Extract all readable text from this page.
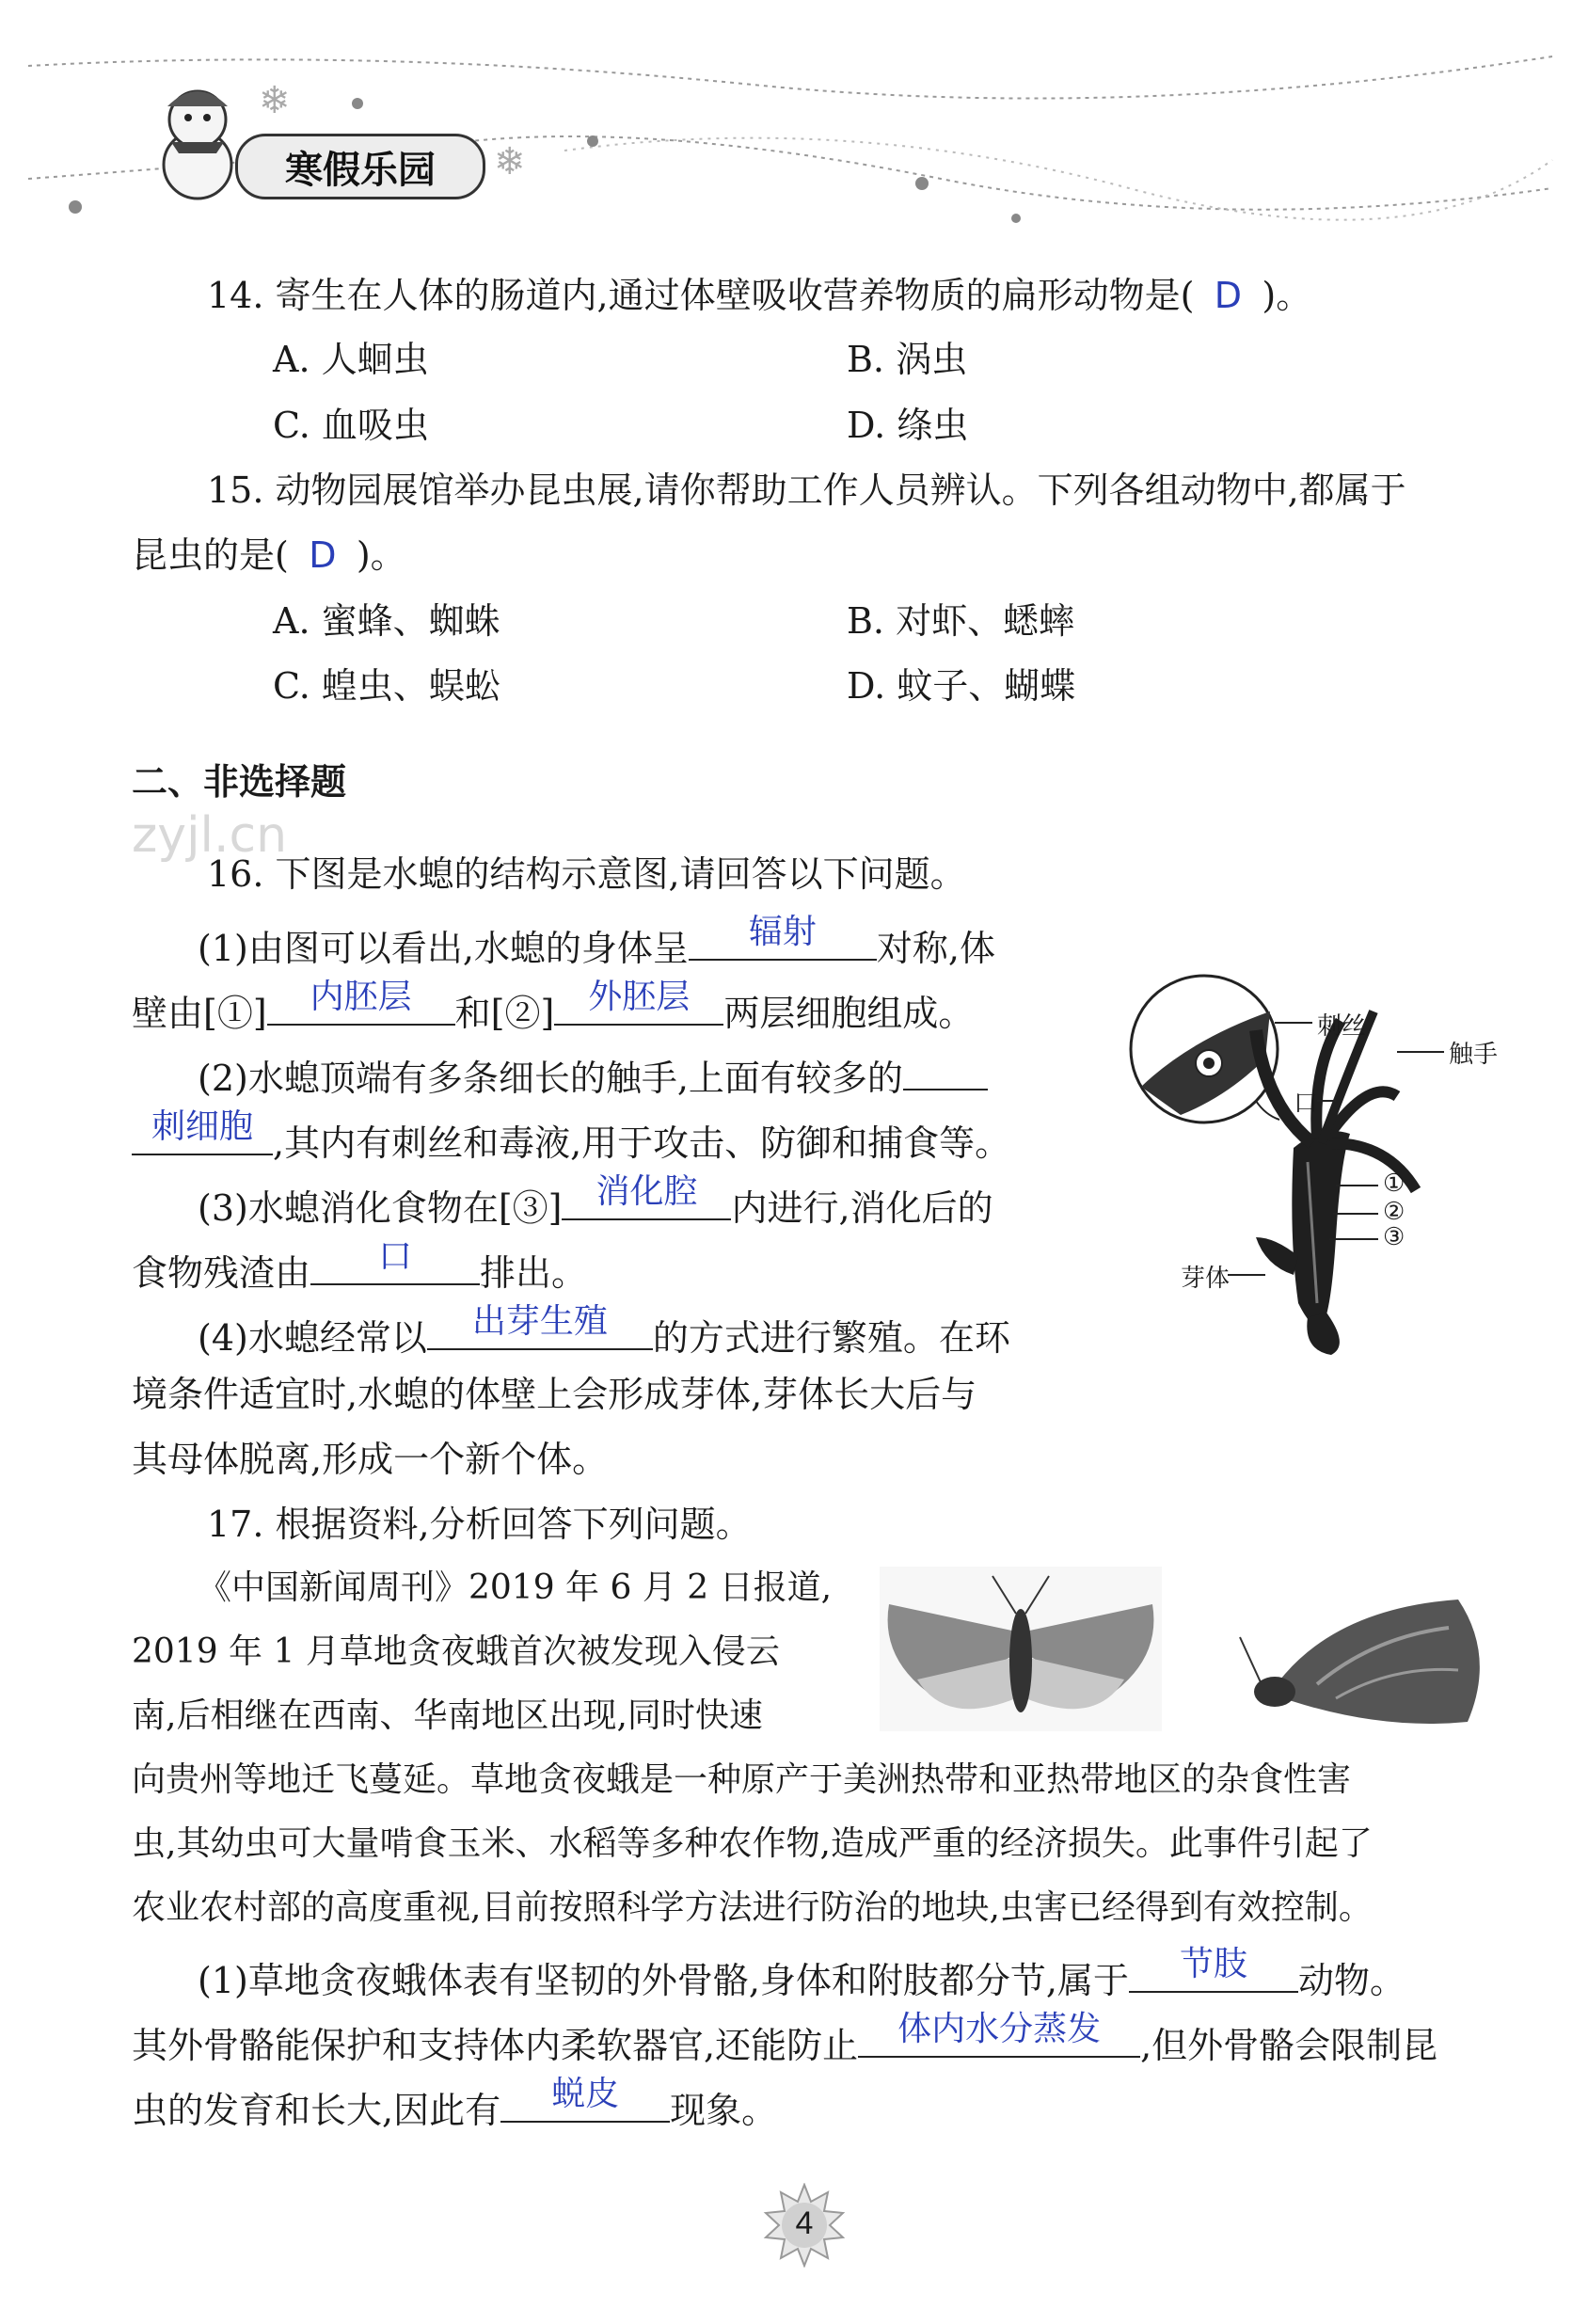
❄
❄
寒假乐园
14. 寄生在人体的肠道内,通过体壁吸收营养物质的扁形动物是( D )。
A. 人蛔虫	B. 涡虫
C. 血吸虫	D. 绦虫
15. 动物园展馆举办昆虫展,请你帮助工作人员辨认。下列各组动物中,都属于
昆虫的是( D )。
A. 蜜蜂、蜘蛛	B. 对虾、蟋蟀
C. 蝗虫、蜈蚣	D. 蚊子、蝴蝶
二、非选择题
zyjl.cn
16. 下图是水螅的结构示意图,请回答以下问题。
(1)由图可以看出,水螅的身体呈	辐射	对称,体
壁由[①]	内胚层	和[②] 外胚层 两层细胞组成。
(2)水螅顶端有多条细长的触手,上面有较多的
刺细胞 ,其内有刺丝和毒液,用于攻击、防御和捕食等。
(3)水螅消化食物在[③] 消化腔 内进行,消化后的
食物残渣由	口	排出。
(4)水螅经常以	出芽生殖	的方式进行繁殖。在环
境条件适宜时,水螅的体壁上会形成芽体,芽体长大后与
其母体脱离,形成一个新个体。
刺丝
触手
口
①
②
③
芽体
17. 根据资料,分析回答下列问题。
《中国新闻周刊》2019 年 6 月 2 日报道,
2019 年 1 月草地贪夜蛾首次被发现入侵云
南,后相继在西南、华南地区出现,同时快速
向贵州等地迁飞蔓延。草地贪夜蛾是一种原产于美洲热带和亚热带地区的杂食性害
虫,其幼虫可大量啃食玉米、水稻等多种农作物,造成严重的经济损失。此事件引起了
农业农村部的高度重视,目前按照科学方法进行防治的地块,虫害已经得到有效控制。
(1)草地贪夜蛾体表有坚韧的外骨骼,身体和附肢都分节,属于	节肢	动物。
其外骨骼能保护和支持体内柔软器官,还能防止	体内水分蒸发	,但外骨骼会限制昆
虫的发育和长大,因此有	蜕皮	现象。
4
